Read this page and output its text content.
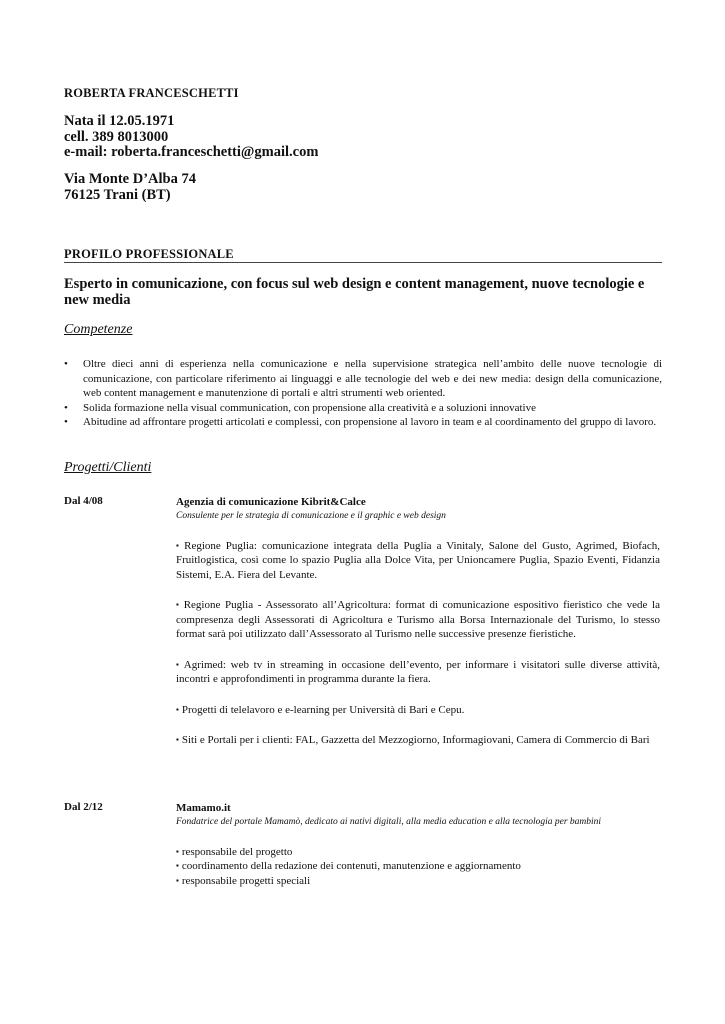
ROBERTA FRANCESCHETTI
Nata il 12.05.1971
cell. 389 8013000
e-mail: roberta.franceschetti@gmail.com
Via Monte D’Alba 74
76125 Trani (BT)
PROFILO PROFESSIONALE
Esperto in comunicazione, con focus sul web design e content management, nuove tecnologie e new media
Competenze
• Oltre dieci anni di esperienza nella comunicazione e nella supervisione strategica nell’ambito delle nuove tecnologie di comunicazione, con particolare riferimento ai linguaggi e alle tecnologie del web e dei new media: design della comunicazione, web content management e manutenzione di portali e altri strumenti web oriented.
• Solida formazione nella visual communication, con propensione alla creatività e a soluzioni innovative
• Abitudine ad affrontare progetti articolati e complessi, con propensione al lavoro in team e al coordinamento del gruppo di lavoro.
Progetti/Clienti
Dal 4/08	Agenzia di comunicazione Kibrit&Calce
Consulente per le strategia di comunicazione e il graphic e web design
▪ Regione Puglia: comunicazione integrata della Puglia a Vinitaly, Salone del Gusto, Agrimed, Biofach, Fruitlogistica, così come lo spazio Puglia alla Dolce Vita, per Unioncamere Puglia, Spazio Eventi, Fidanzia Sistemi, E.A. Fiera del Levante.
▪ Regione Puglia - Assessorato all’Agricoltura: format di comunicazione espositivo fieristico che vede la compresenza degli Assessorati di Agricoltura e Turismo alla Borsa Internazionale del Turismo, lo stesso format sarà poi utilizzato dall’Assessorato al Turismo nelle successive presenze fieristiche.
▪ Agrimed: web tv in streaming in occasione dell’evento, per informare i visitatori sulle diverse attività, incontri e approfondimenti in programma durante la fiera.
▪ Progetti di telelavoro e e-learning per Università di Bari e Cepu.
▪ Siti e Portali per i clienti: FAL, Gazzetta del Mezzogiorno, Informagiovani, Camera di Commercio di Bari
Dal 2/12	Mamamo.it
Fondatrice del portale Mamamò, dedicato ai nativi digitali, alla media education e alla tecnologia per bambini
▪ responsabile del progetto
▪ coordinamento della redazione dei contenuti, manutenzione e aggiornamento
▪ responsabile progetti speciali
